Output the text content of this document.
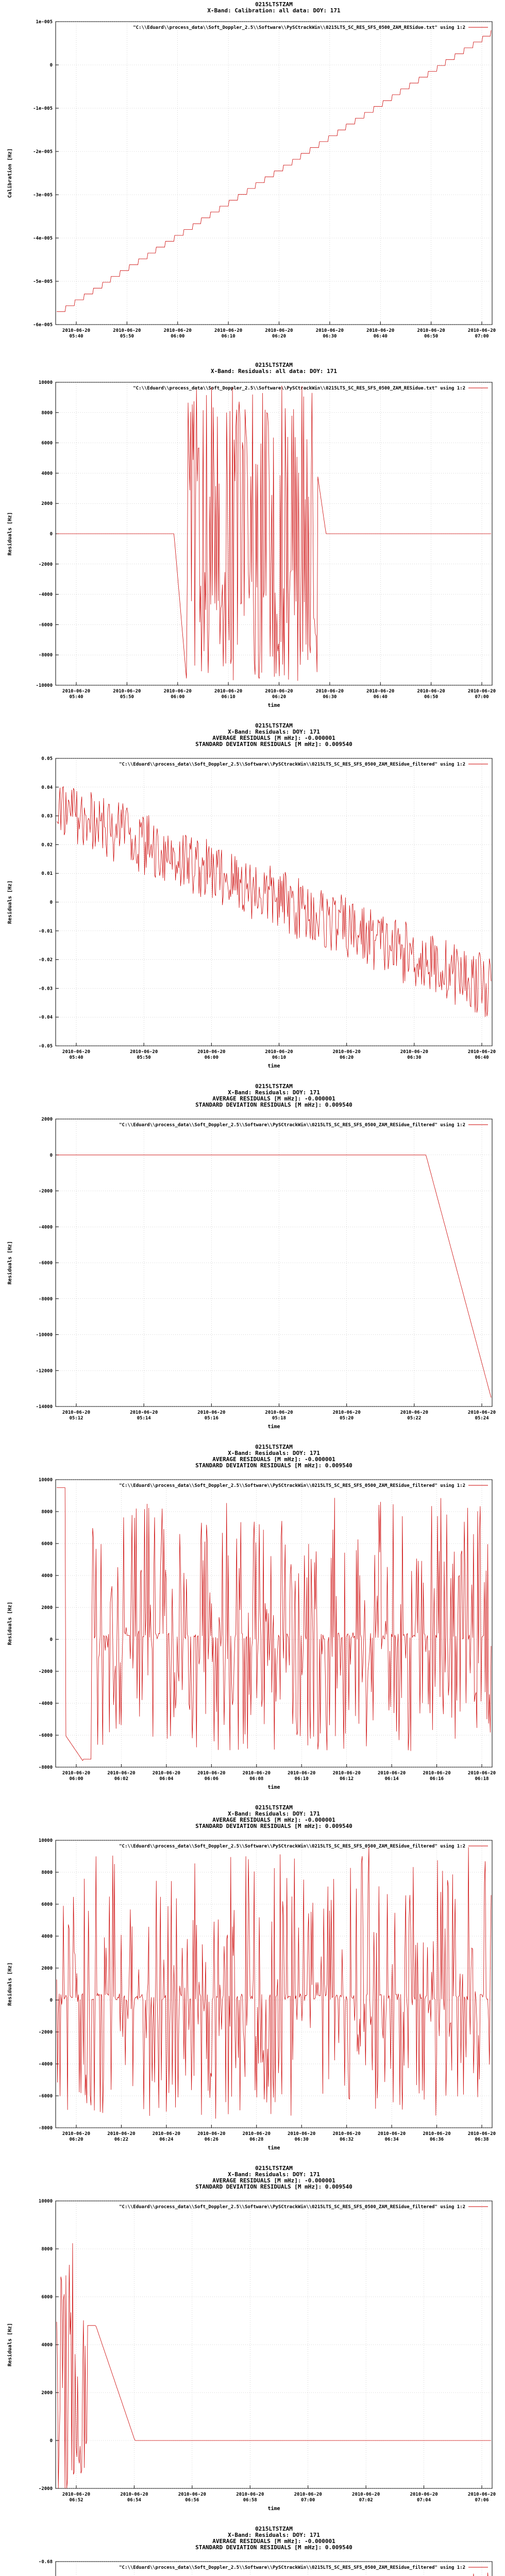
0215LTSTZAM
X-Band: Calibration: all data: DOY: 171
-6e-005
-5e-005
-4e-005
-3e-005
-2e-005
-1e-005
0
1e-005
2010-06-20
05:40
2010-06-20
05:50
2010-06-20
06:00
2010-06-20
06:10
2010-06-20
06:20
2010-06-20
06:30
2010-06-20
06:40
2010-06-20
06:50
2010-06-20
07:00
Calibration [Hz]
"C:\\Eduard\\process_data\\Soft_Doppler_2.5\\Software\\PySCtrackWin\\0215LTS_SC_RES_SFS_0500_ZAM_RESidue.txt" using 1:2
0215LTSTZAM
X-Band: Residuals: all data: DOY: 171
-10000
-8000
-6000
-4000
-2000
0
2000
4000
6000
8000
10000
2010-06-20
05:40
2010-06-20
05:50
2010-06-20
06:00
2010-06-20
06:10
2010-06-20
06:20
2010-06-20
06:30
2010-06-20
06:40
2010-06-20
06:50
2010-06-20
07:00
Residuals [Hz]
time
"C:\\Eduard\\process_data\\Soft_Doppler_2.5\\Software\\PySCtrackWin\\0215LTS_SC_RES_SFS_0500_ZAM_RESidue.txt" using 1:2
0215LTSTZAM
X-Band: Residuals: DOY: 171
AVERAGE RESIDUALS [M mHz]: -0.000001
STANDARD DEVIATION RESIDUALS [M mHz]: 0.009540
-0.05
-0.04
-0.03
-0.02
-0.01
0
0.01
0.02
0.03
0.04
0.05
2010-06-20
05:40
2010-06-20
05:50
2010-06-20
06:00
2010-06-20
06:10
2010-06-20
06:20
2010-06-20
06:30
2010-06-20
06:40
Residuals [Hz]
time
"C:\\Eduard\\process_data\\Soft_Doppler_2.5\\Software\\PySCtrackWin\\0215LTS_SC_RES_SFS_0500_ZAM_RESidue_filtered" using 1:2
0215LTSTZAM
X-Band: Residuals: DOY: 171
AVERAGE RESIDUALS [M mHz]: -0.000001
STANDARD DEVIATION RESIDUALS [M mHz]: 0.009540
-14000
-12000
-10000
-8000
-6000
-4000
-2000
0
2000
2010-06-20
05:12
2010-06-20
05:14
2010-06-20
05:16
2010-06-20
05:18
2010-06-20
05:20
2010-06-20
05:22
2010-06-20
05:24
Residuals [Hz]
time
"C:\\Eduard\\process_data\\Soft_Doppler_2.5\\Software\\PySCtrackWin\\0215LTS_SC_RES_SFS_0500_ZAM_RESidue_filtered" using 1:2
0215LTSTZAM
X-Band: Residuals: DOY: 171
AVERAGE RESIDUALS [M mHz]: -0.000001
STANDARD DEVIATION RESIDUALS [M mHz]: 0.009540
-8000
-6000
-4000
-2000
0
2000
4000
6000
8000
10000
2010-06-20
06:00
2010-06-20
06:02
2010-06-20
06:04
2010-06-20
06:06
2010-06-20
06:08
2010-06-20
06:10
2010-06-20
06:12
2010-06-20
06:14
2010-06-20
06:16
2010-06-20
06:18
Residuals [Hz]
time
"C:\\Eduard\\process_data\\Soft_Doppler_2.5\\Software\\PySCtrackWin\\0215LTS_SC_RES_SFS_0500_ZAM_RESidue_filtered" using 1:2
0215LTSTZAM
X-Band: Residuals: DOY: 171
AVERAGE RESIDUALS [M mHz]: -0.000001
STANDARD DEVIATION RESIDUALS [M mHz]: 0.009540
-8000
-6000
-4000
-2000
0
2000
4000
6000
8000
10000
2010-06-20
06:20
2010-06-20
06:22
2010-06-20
06:24
2010-06-20
06:26
2010-06-20
06:28
2010-06-20
06:30
2010-06-20
06:32
2010-06-20
06:34
2010-06-20
06:36
2010-06-20
06:38
Residuals [Hz]
time
"C:\\Eduard\\process_data\\Soft_Doppler_2.5\\Software\\PySCtrackWin\\0215LTS_SC_RES_SFS_0500_ZAM_RESidue_filtered" using 1:2
0215LTSTZAM
X-Band: Residuals: DOY: 171
AVERAGE RESIDUALS [M mHz]: -0.000001
STANDARD DEVIATION RESIDUALS [M mHz]: 0.009540
-2000
0
2000
4000
6000
8000
10000
2010-06-20
06:52
2010-06-20
06:54
2010-06-20
06:56
2010-06-20
06:58
2010-06-20
07:00
2010-06-20
07:02
2010-06-20
07:04
2010-06-20
07:06
Residuals [Hz]
time
"C:\\Eduard\\process_data\\Soft_Doppler_2.5\\Software\\PySCtrackWin\\0215LTS_SC_RES_SFS_0500_ZAM_RESidue_filtered" using 1:2
0215LTSTZAM
X-Band: Residuals: DOY: 171
AVERAGE RESIDUALS [M mHz]: -0.000001
STANDARD DEVIATION RESIDUALS [M mHz]: 0.009540
-0.68
"C:\\Eduard\\process_data\\Soft_Doppler_2.5\\Software\\PySCtrackWin\\0215LTS_SC_RES_SFS_0500_ZAM_RESidue_filtered" using 1:2
